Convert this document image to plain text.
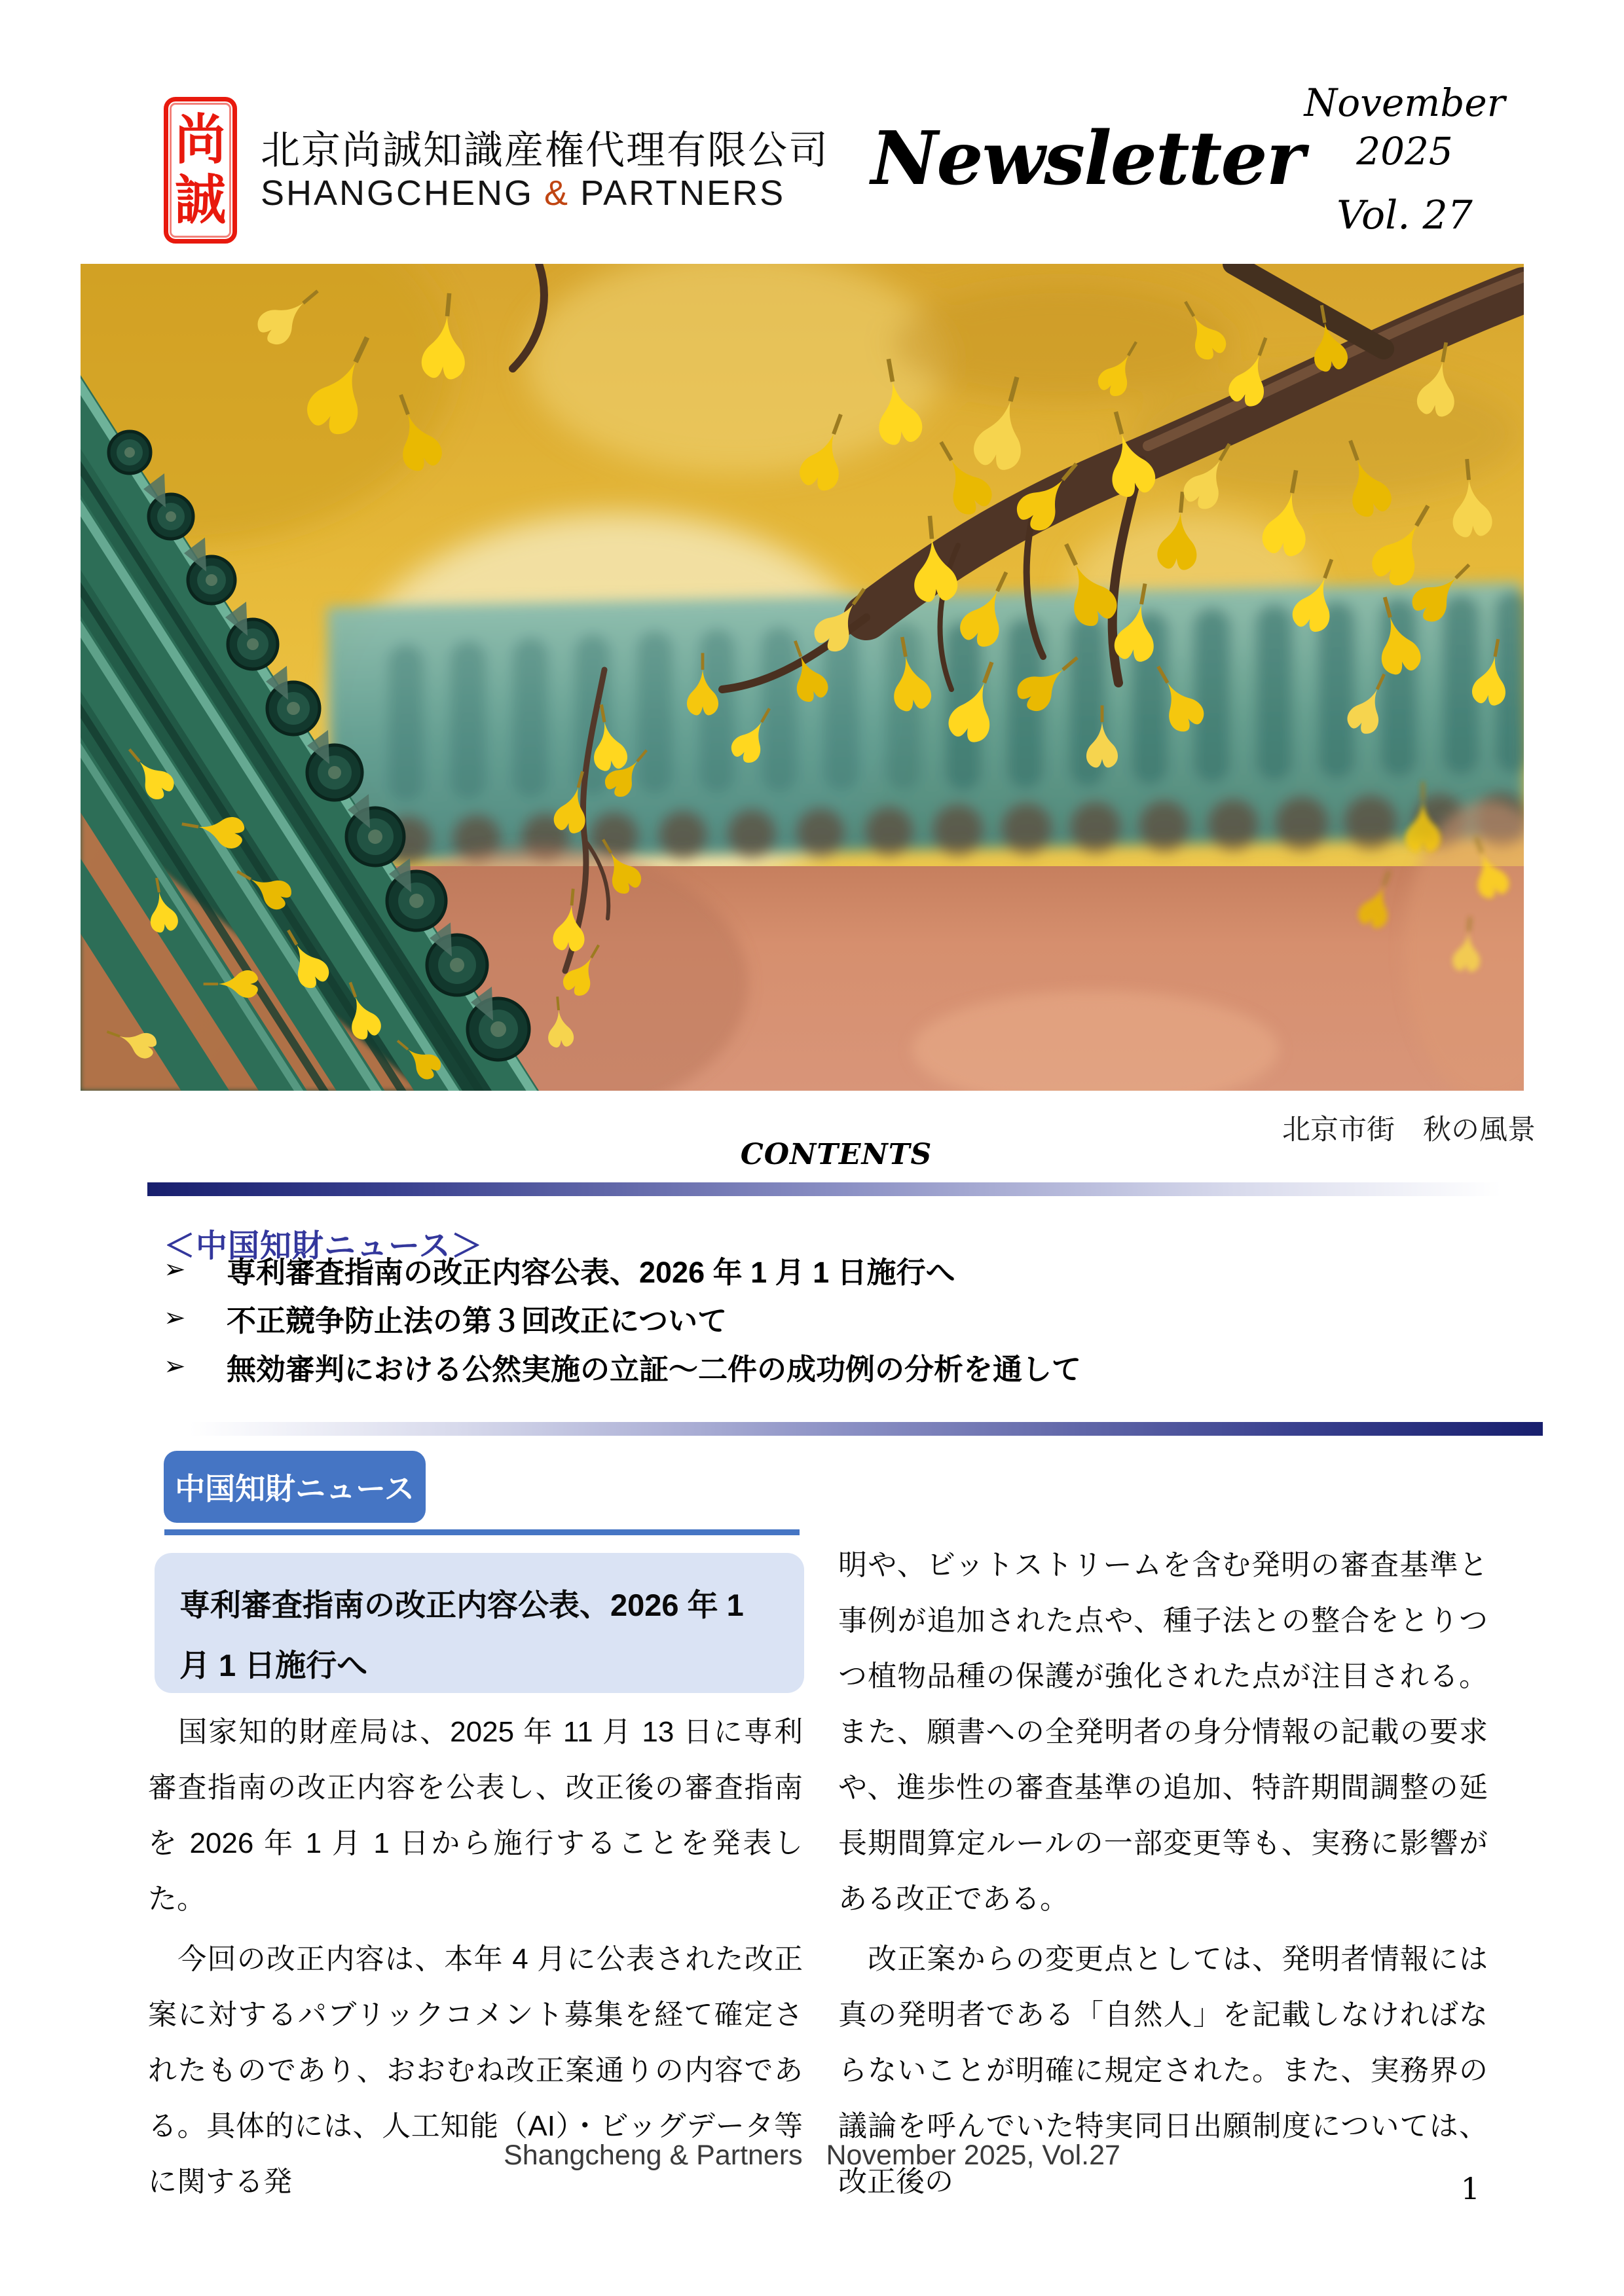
尚
誠
北京尚誠知識産権代理有限公司
SHANGCHENG & PARTNERS Newsletter
November 2025
Vol. 27
北京市街　秋の風景
CONTENTS
＜中国知財ニュース＞
➢	専利審査指南の改正内容公表、2026 年 1 月 1 日施行へ
➢	不正競争防止法の第３回改正について
➢	無効審判における公然実施の立証～二件の成功例の分析を通して
中国知財ニュース
専利審査指南の改正内容公表、2026 年 1
月 1 日施行へ

　国家知的財産局は、2025 年 11 月 13 日に専利審査指南の改正内容を公表し、改正後の審査指南を 2026 年 1 月 1 日から施行することを発表した。

　今回の改正内容は、本年 4 月に公表された改正案に対するパブリックコメント募集を経て確定されたものであり、おおむね改正案通りの内容である。具体的には、人工知能（AI）・ビッグデータ等に関する発

明や、ビットストリームを含む発明の審査基準と事例が追加された点や、種子法との整合をとりつつ植物品種の保護が強化された点が注目される。また、願書への全発明者の身分情報の記載の要求や、進歩性の審査基準の追加、特許期間調整の延長期間算定ルールの一部変更等も、実務に影響がある改正である。

　改正案からの変更点としては、発明者情報には真の発明者である「自然人」を記載しなければならないことが明確に規定された。また、実務界の議論を呼んでいた特実同日出願制度については、改正後の

Shangcheng & Partners   November 2025, Vol.27
1
